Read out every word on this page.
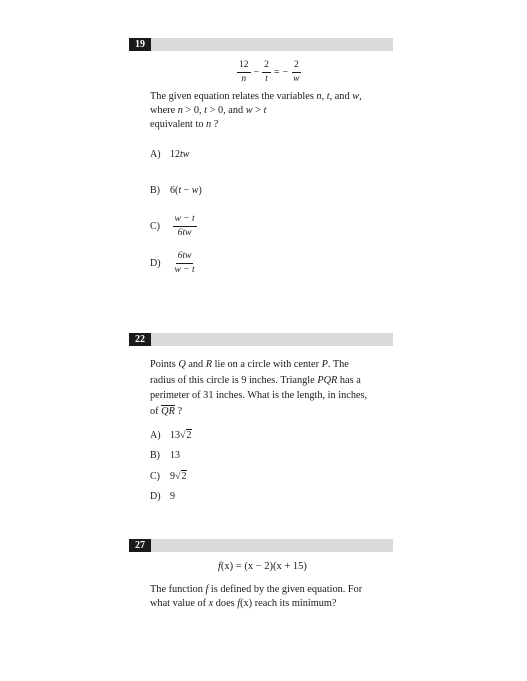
19
$\frac{12}{n} - \frac{2}{t}$ = − $\frac{2}{w}$
The given equation relates the variables n, t, and w,
where n > 0, t > 0, and w > t
equivalent to n ?
A) 12tw
B) 6(t − w)
$C) \frac{w - t}{6tw}$
$D) \frac{6tw}{w - t}$
22
Points Q and R lie on a circle with center P. The
radius of this circle is 9 inches. Triangle PQR has a
perimeter of 31 inches. What is the length, in inches,
of QR ?
A) 13√2
B) 13
C) 9√2
D) 9
27
f (x) = (x − 2)(x + 15)
The function f is defined by the given equation. For
what value of x does f(x) reach its minimum?
